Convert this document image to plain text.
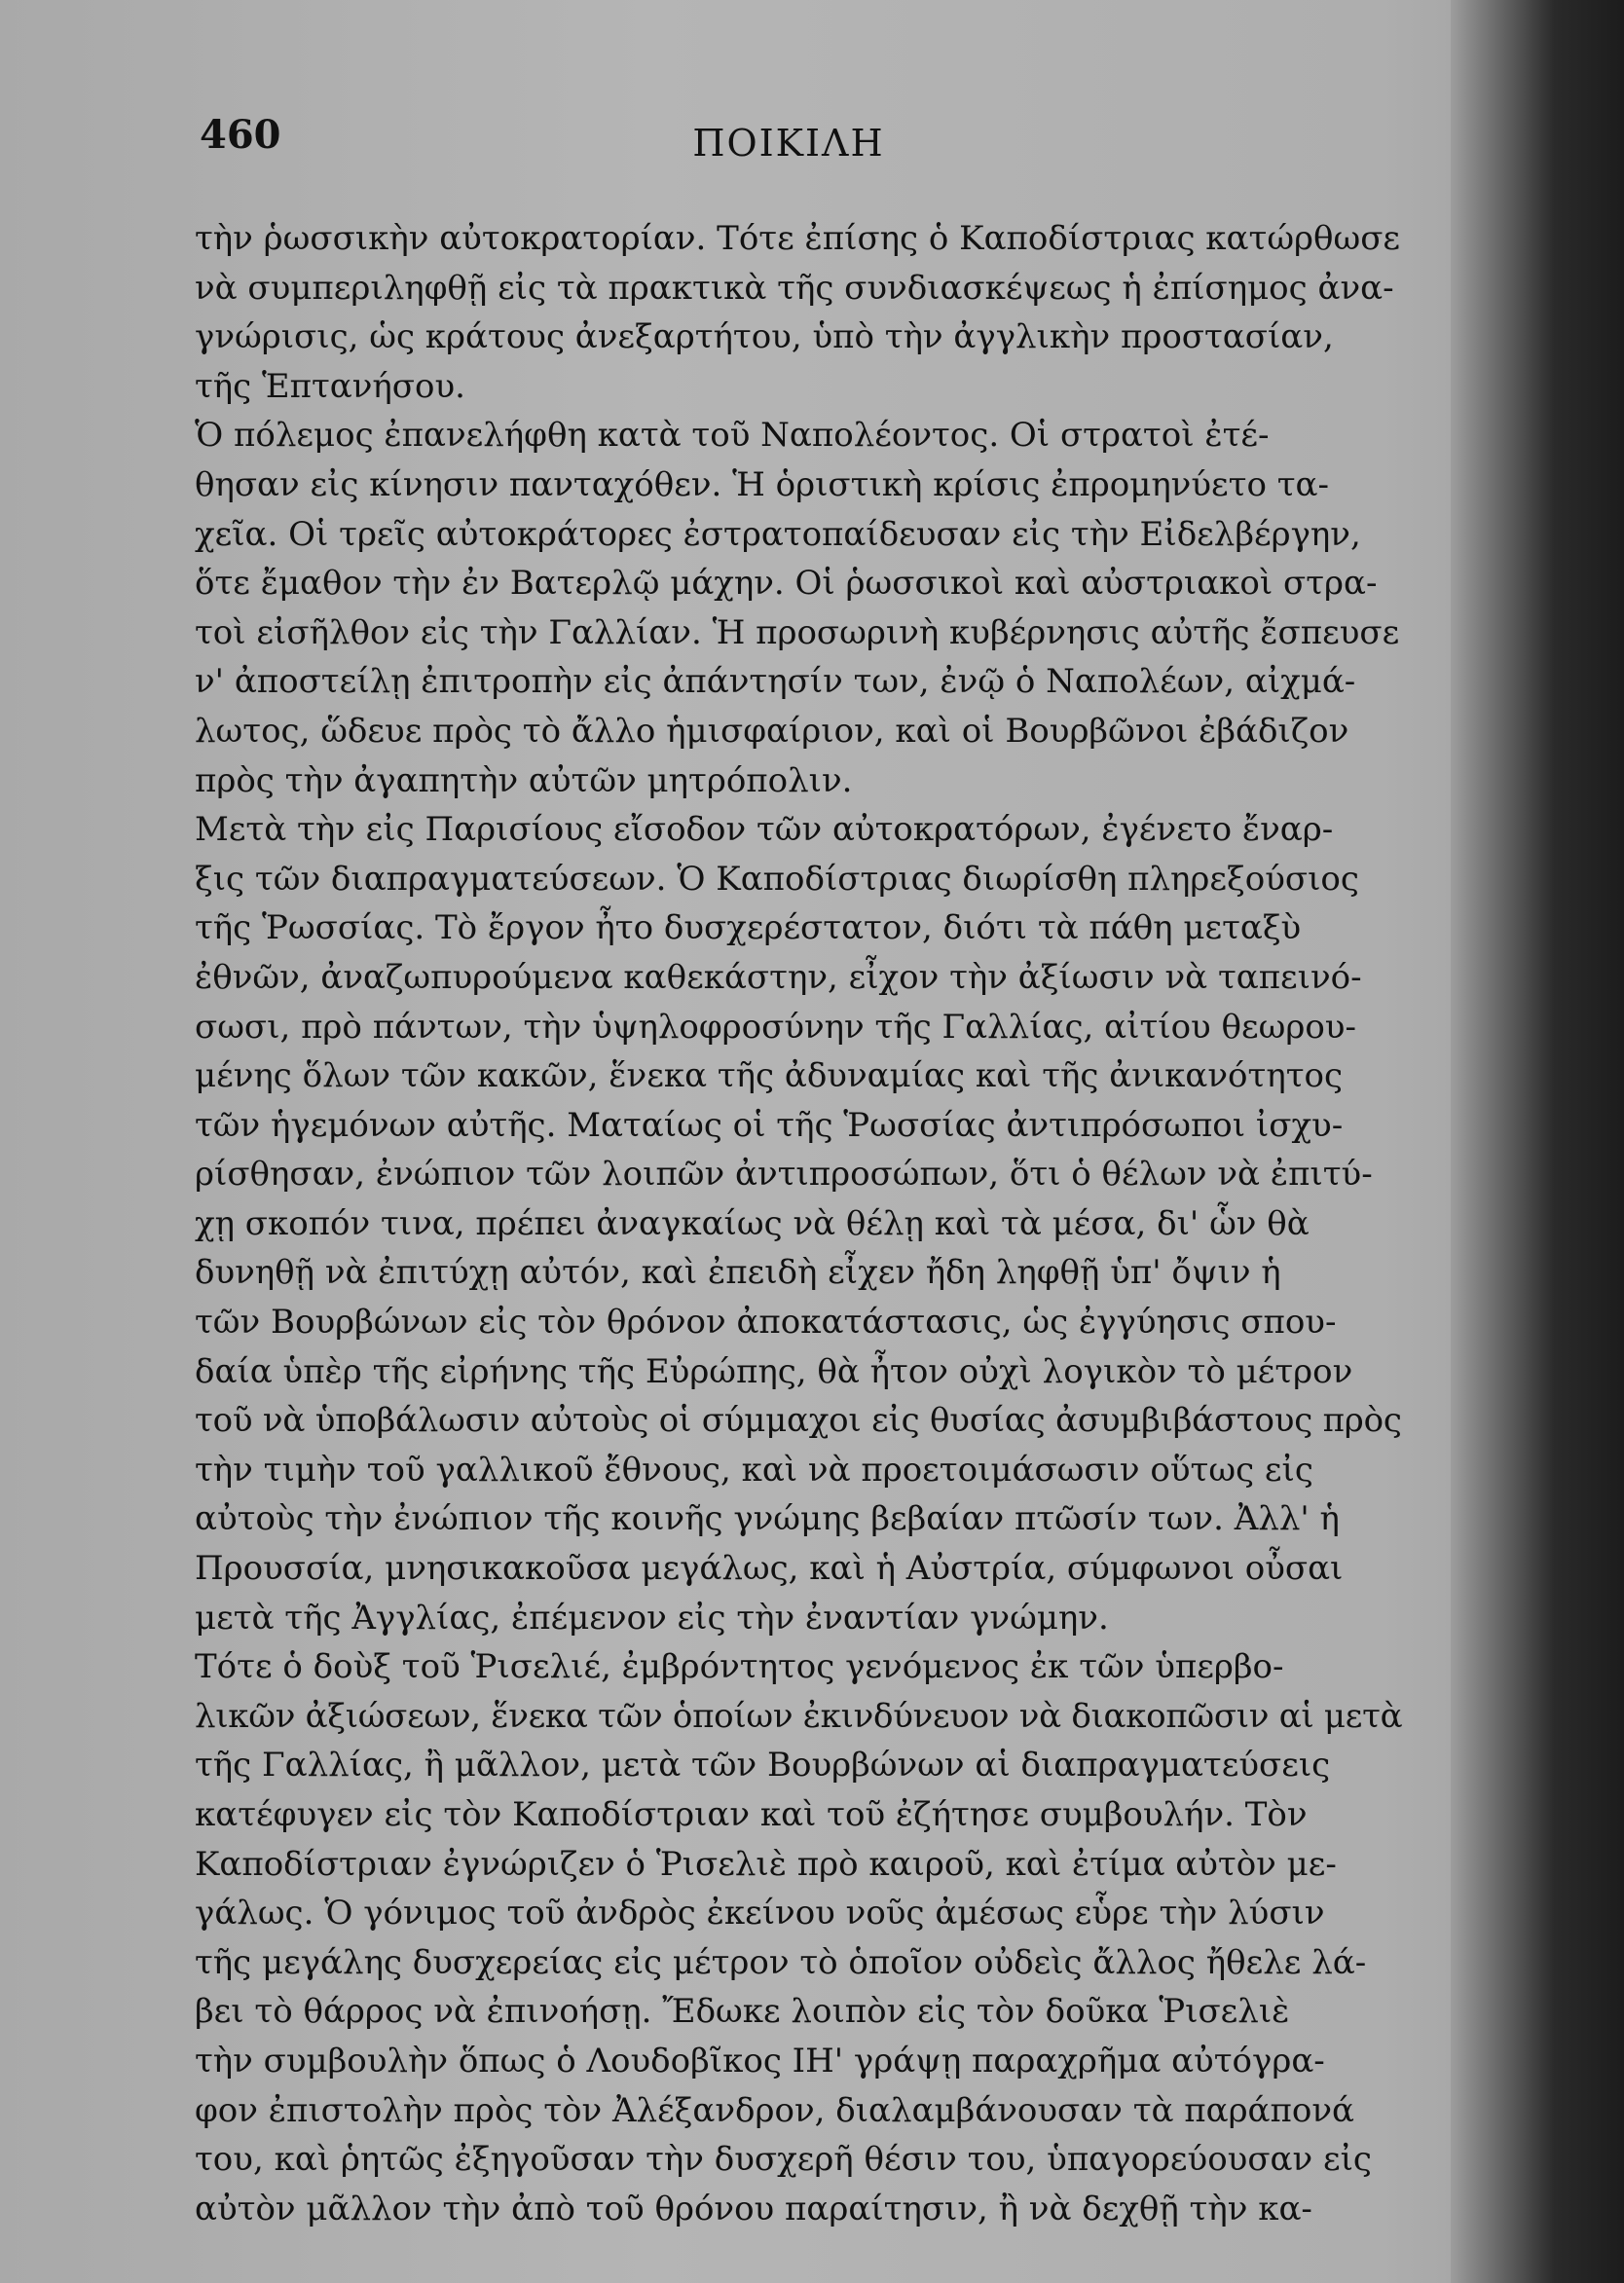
460	ΠΟΙΚΙΛΗ
τὴν ῥωσσικὴν αὐτοκρατορίαν. Τότε ἐπίσης ὁ Καποδίστριας κατώρθωσε
νὰ συμπεριληφθῇ εἰς τὰ πρακτικὰ τῆς συνδιασκέψεως ἡ ἐπίσημος ἀνα-
γνώρισις, ὡς κράτους ἀνεξαρτήτου, ὑπὸ τὴν ἀγγλικὴν προστασίαν,
τῆς Ἑπτανήσου.
Ὁ πόλεμος ἐπανελήφθη κατὰ τοῦ Ναπολέοντος. Οἱ στρατοὶ ἐτέ-
θησαν εἰς κίνησιν πανταχόθεν. Ἡ ὁριστικὴ κρίσις ἐπρομηνύετο τα-
χεῖα. Οἱ τρεῖς αὐτοκράτορες ἐστρατοπαίδευσαν εἰς τὴν Εἰδελβέργην,
ὅτε ἔμαθον τὴν ἐν Βατερλῷ μάχην. Οἱ ῥωσσικοὶ καὶ αὐστριακοὶ στρα-
τοὶ εἰσῆλθον εἰς τὴν Γαλλίαν. Ἡ προσωρινὴ κυβέρνησις αὐτῆς ἔσπευσε
ν' ἀποστείλῃ ἐπιτροπὴν εἰς ἀπάντησίν των, ἐνῷ ὁ Ναπολέων, αἰχμά-
λωτος, ὥδευε πρὸς τὸ ἄλλο ἡμισφαίριον, καὶ οἱ Βουρβῶνοι ἐβάδιζον
πρὸς τὴν ἀγαπητὴν αὐτῶν μητρόπολιν.
Μετὰ τὴν εἰς Παρισίους εἴσοδον τῶν αὐτοκρατόρων, ἐγένετο ἔναρ-
ξις τῶν διαπραγματεύσεων. Ὁ Καποδίστριας διωρίσθη πληρεξούσιος
τῆς Ῥωσσίας. Τὸ ἔργον ἦτο δυσχερέστατον, διότι τὰ πάθη μεταξὺ
ἐθνῶν, ἀναζωπυρούμενα καθεκάστην, εἶχον τὴν ἀξίωσιν νὰ ταπεινό-
σωσι, πρὸ πάντων, τὴν ὑψηλοφροσύνην τῆς Γαλλίας, αἰτίου θεωρου-
μένης ὅλων τῶν κακῶν, ἕνεκα τῆς ἀδυναμίας καὶ τῆς ἀνικανότητος
τῶν ἡγεμόνων αὐτῆς. Ματαίως οἱ τῆς Ῥωσσίας ἀντιπρόσωποι ἰσχυ-
ρίσθησαν, ἐνώπιον τῶν λοιπῶν ἀντιπροσώπων, ὅτι ὁ θέλων νὰ ἐπιτύ-
χῃ σκοπόν τινα, πρέπει ἀναγκαίως νὰ θέλῃ καὶ τὰ μέσα, δι' ὧν θὰ
δυνηθῇ νὰ ἐπιτύχῃ αὐτόν, καὶ ἐπειδὴ εἶχεν ἤδη ληφθῇ ὑπ' ὄψιν ἡ
τῶν Βουρβώνων εἰς τὸν θρόνον ἀποκατάστασις, ὡς ἐγγύησις σπου-
δαία ὑπὲρ τῆς εἰρήνης τῆς Εὐρώπης, θὰ ἦτον οὐχὶ λογικὸν τὸ μέτρον
τοῦ νὰ ὑποβάλωσιν αὐτοὺς οἱ σύμμαχοι εἰς θυσίας ἀσυμβιβάστους πρὸς
τὴν τιμὴν τοῦ γαλλικοῦ ἔθνους, καὶ νὰ προετοιμάσωσιν οὕτως εἰς
αὐτοὺς τὴν ἐνώπιον τῆς κοινῆς γνώμης βεβαίαν πτῶσίν των. Ἀλλ' ἡ
Προυσσία, μνησικακοῦσα μεγάλως, καὶ ἡ Αὐστρία, σύμφωνοι οὖσαι
μετὰ τῆς Ἀγγλίας, ἐπέμενον εἰς τὴν ἐναντίαν γνώμην.
Τότε ὁ δοὺξ τοῦ Ῥισελιέ, ἐμβρόντητος γενόμενος ἐκ τῶν ὑπερβο-
λικῶν ἀξιώσεων, ἕνεκα τῶν ὁποίων ἐκινδύνευον νὰ διακοπῶσιν αἱ μετὰ
τῆς Γαλλίας, ἢ μᾶλλον, μετὰ τῶν Βουρβώνων αἱ διαπραγματεύσεις
κατέφυγεν εἰς τὸν Καποδίστριαν καὶ τοῦ ἐζήτησε συμβουλήν. Τὸν
Καποδίστριαν ἐγνώριζεν ὁ Ῥισελιὲ πρὸ καιροῦ, καὶ ἐτίμα αὐτὸν με-
γάλως. Ὁ γόνιμος τοῦ ἀνδρὸς ἐκείνου νοῦς ἀμέσως εὗρε τὴν λύσιν
τῆς μεγάλης δυσχερείας εἰς μέτρον τὸ ὁποῖον οὐδεὶς ἄλλος ἤθελε λά-
βει τὸ θάρρος νὰ ἐπινοήσῃ. Ἔδωκε λοιπὸν εἰς τὸν δοῦκα Ῥισελιὲ
τὴν συμβουλὴν ὅπως ὁ Λουδοβῖκος ΙΗ' γράψῃ παραχρῆμα αὐτόγρα-
φον ἐπιστολὴν πρὸς τὸν Ἀλέξανδρον, διαλαμβάνουσαν τὰ παράπονά
του, καὶ ῥητῶς ἐξηγοῦσαν τὴν δυσχερῆ θέσιν του, ὑπαγορεύουσαν εἰς
αὐτὸν μᾶλλον τὴν ἀπὸ τοῦ θρόνου παραίτησιν, ἢ νὰ δεχθῇ τὴν κα-
